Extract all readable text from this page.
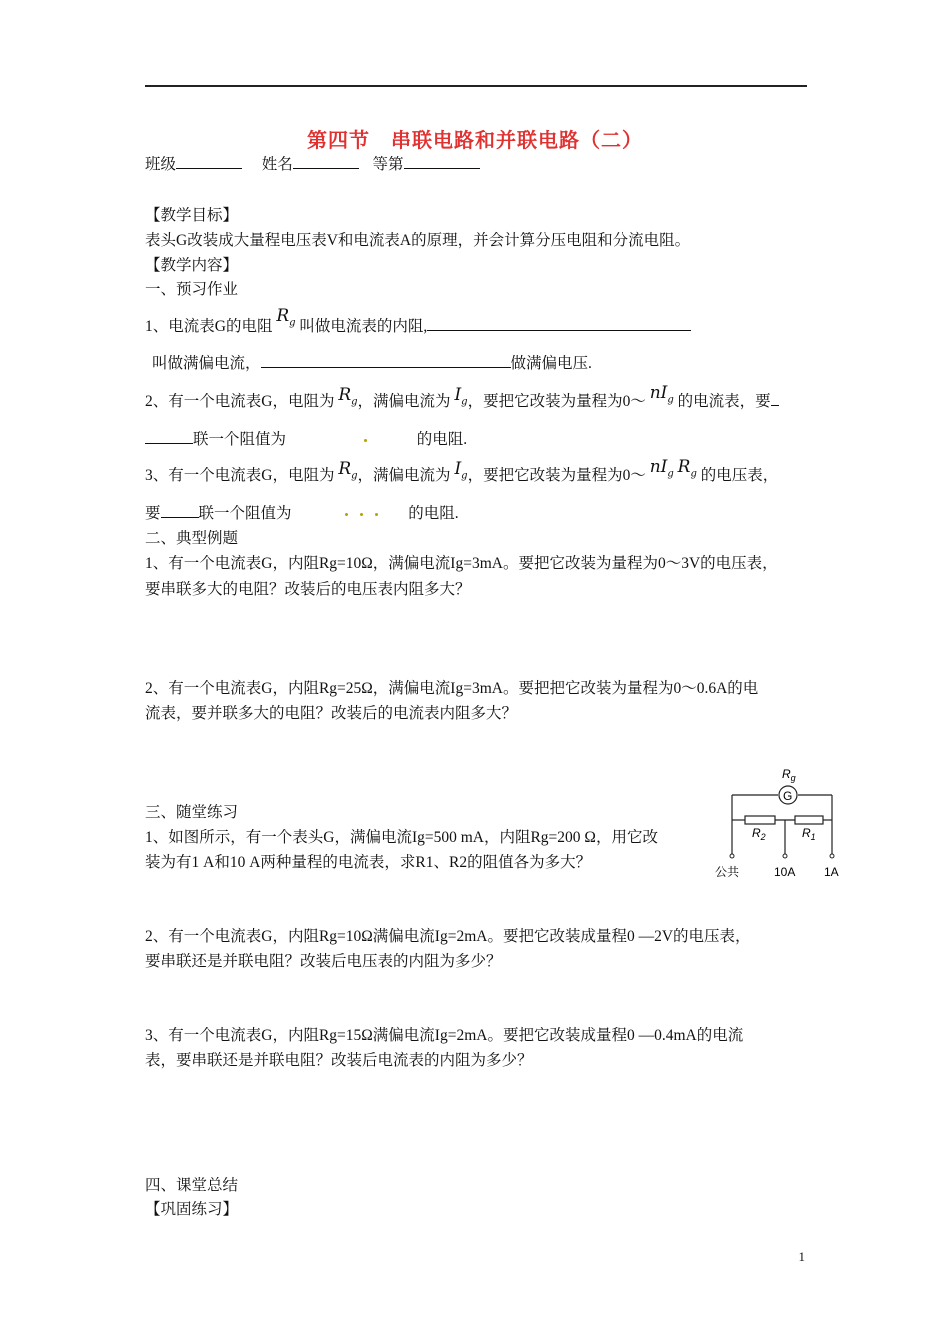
第四节　串联电路和并联电路（二）
班级	姓名	等第
【教学目标】
表头G改装成大量程电压表V和电流表A的原理，并会计算分压电阻和分流电阻。
【教学内容】
一、预习作业
1、电流表G的电阻 $R_g$ 叫做电流表的内阻,
叫做满偏电流，	做满偏电压.
2、有一个电流表G，电阻为 $R_g$，满偏电流为 $I_g$，要把它改装为量程为0～ $nI_g$ 的电流表，要
联一个阻值为	的电阻.
3、有一个电流表G，电阻为 $R_g$，满偏电流为 $I_g$，要把它改装为量程为0～ $nI_g$ $R_g$ 的电压表，
要 联一个阻值为	的电阻.
二、典型例题
1、有一个电流表G，内阻Rg=10Ω，满偏电流Ig=3mA。要把它改装为量程为0～3V的电压表，
要串联多大的电阻？改装后的电压表内阻多大？
2、有一个电流表G，内阻Rg=25Ω，满偏电流Ig=3mA。要把把它改装为量程为0～0.6A的电
流表，要并联多大的电阻？改装后的电流表内阻多大？
三、随堂练习
1、如图所示，有一个表头G，满偏电流Ig=500 mA，内阻Rg=200 Ω，用它改
装为有1 A和10 A两种量程的电流表，求R1、R2的阻值各为多大？
$R_g$
G
$R_2$	$R_1$
公共	10A 1A
2、有一个电流表G，内阻Rg=10Ω满偏电流Ig=2mA。要把它改装成量程0 —2V的电压表，
要串联还是并联电阻？改装后电压表的内阻为多少？
3、有一个电流表G，内阻Rg=15Ω满偏电流Ig=2mA。要把它改装成量程0 —0.4mA的电流
表，要串联还是并联电阻？改装后电流表的内阻为多少？
四、课堂总结
【巩固练习】
1
